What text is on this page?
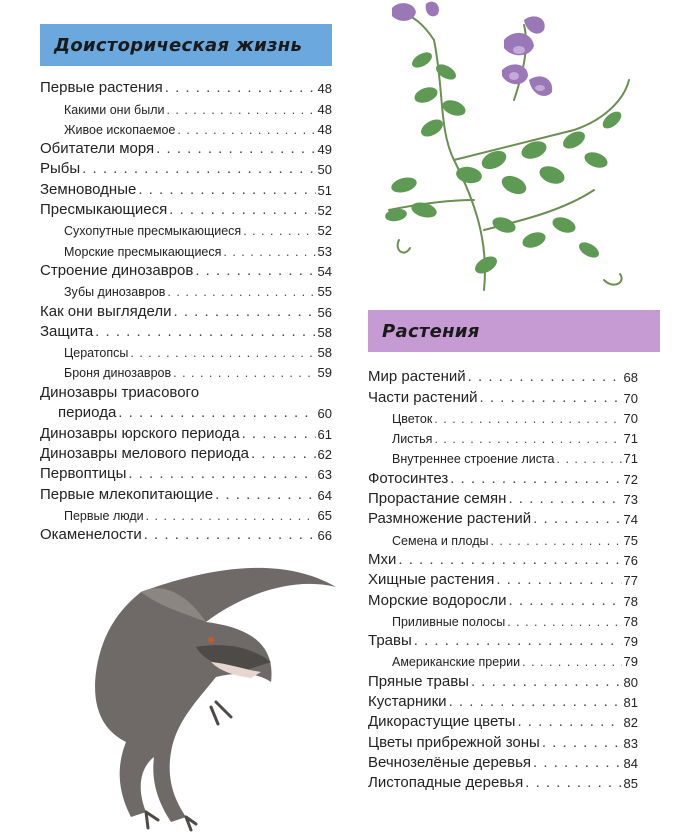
Доисторическая жизнь
Растения
Первые растения . . .	48
Какими они были . . .	48
Живое ископаемое . . .	48
Обитатели моря . . .	49
Рыбы . . .	50
Земноводные . . .	51
Пресмыкающиеся . . .	52
Сухопутные пресмыкающиеся . . .	52
Морские пресмыкающиеся . . .	53
Строение динозавров . . .	54
Зубы динозавров . . .	55
Как они выглядели . . .	56
Защита . . .	58
Цератопсы . . .	58
Броня динозавров . . .	59
Динозавры триасового
периода . . .	60
Динозавры юрского периода . . .	61
Динозавры мелового периода . . .	62
Первоптицы . . .	63
Первые млекопитающие . . .	64
Первые люди . . .	65
Окаменелости . . .	66
Мир растений . . .	68
Части растений . . .	70
Цветок . . .	70
Листья . . .	71
Внутреннее строение листа . . .	71
Фотосинтез . . .	72
Прорастание семян . . .	73
Размножение растений . . .	74
Семена и плоды . . .	75
Мхи . . .	76
Хищные растения . . .	77
Морские водоросли . . .	78
Приливные полосы . . .	78
Травы . . .	79
Американские прерии . . .	79
Пряные травы . . .	80
Кустарники . . .	81
Дикорастущие цветы . . .	82
Цветы прибрежной зоны . . .	83
Вечнозелёные деревья . . .	84
Листопадные деревья . . .	85
